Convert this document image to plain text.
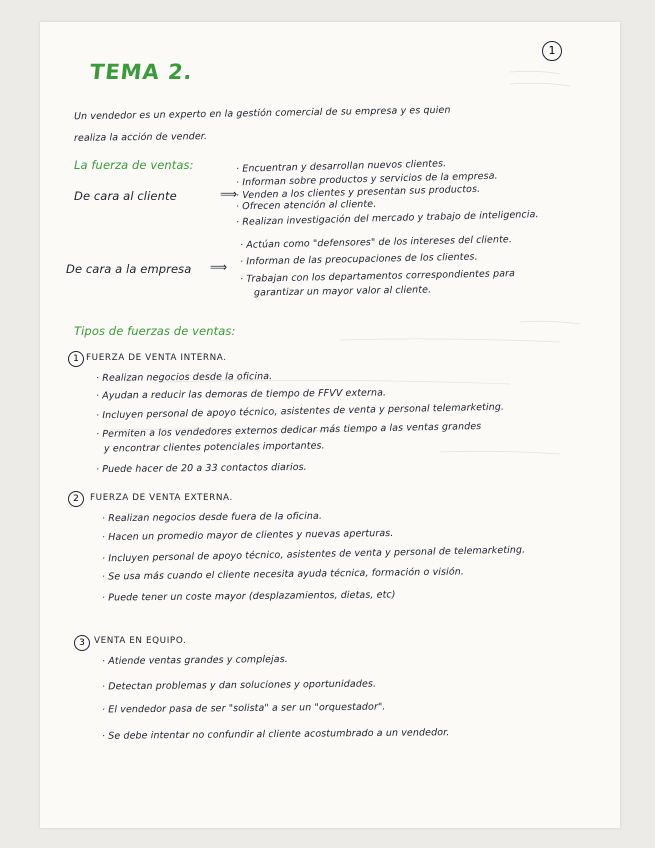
1
TEMA 2.
Un vendedor es un experto en la gestión comercial de su empresa y es quien
realiza la acción de vender.
La fuerza de ventas:
De cara al cliente	⟹
· Encuentran y desarrollan nuevos clientes.
· Informan sobre productos y servicios de la empresa.
· Venden a los clientes y presentan sus productos.
· Ofrecen atención al cliente.
· Realizan investigación del mercado y trabajo de inteligencia.
De cara a la empresa ⟹
· Actúan como "defensores" de los intereses del cliente.
· Informan de las preocupaciones de los clientes.
· Trabajan con los departamentos correspondientes para
garantizar un mayor valor al cliente.
Tipos de fuerzas de ventas:
1 FUERZA DE VENTA INTERNA.
· Realizan negocios desde la oficina.
· Ayudan a reducir las demoras de tiempo de FFVV externa.
· Incluyen personal de apoyo técnico, asistentes de venta y personal telemarketing.
· Permiten a los vendedores externos dedicar más tiempo a las ventas grandes
y encontrar clientes potenciales importantes.
· Puede hacer de 20 a 33 contactos diarios.
2	FUERZA DE VENTA EXTERNA.
· Realizan negocios desde fuera de la oficina.
· Hacen un promedio mayor de clientes y nuevas aperturas.
· Incluyen personal de apoyo técnico, asistentes de venta y personal de telemarketing.
· Se usa más cuando el cliente necesita ayuda técnica, formación o visión.
· Puede tener un coste mayor (desplazamientos, dietas, etc)
3	VENTA EN EQUIPO.
· Atiende ventas grandes y complejas.
· Detectan problemas y dan soluciones y oportunidades.
· El vendedor pasa de ser "solista" a ser un "orquestador".
· Se debe intentar no confundir al cliente acostumbrado a un vendedor.
